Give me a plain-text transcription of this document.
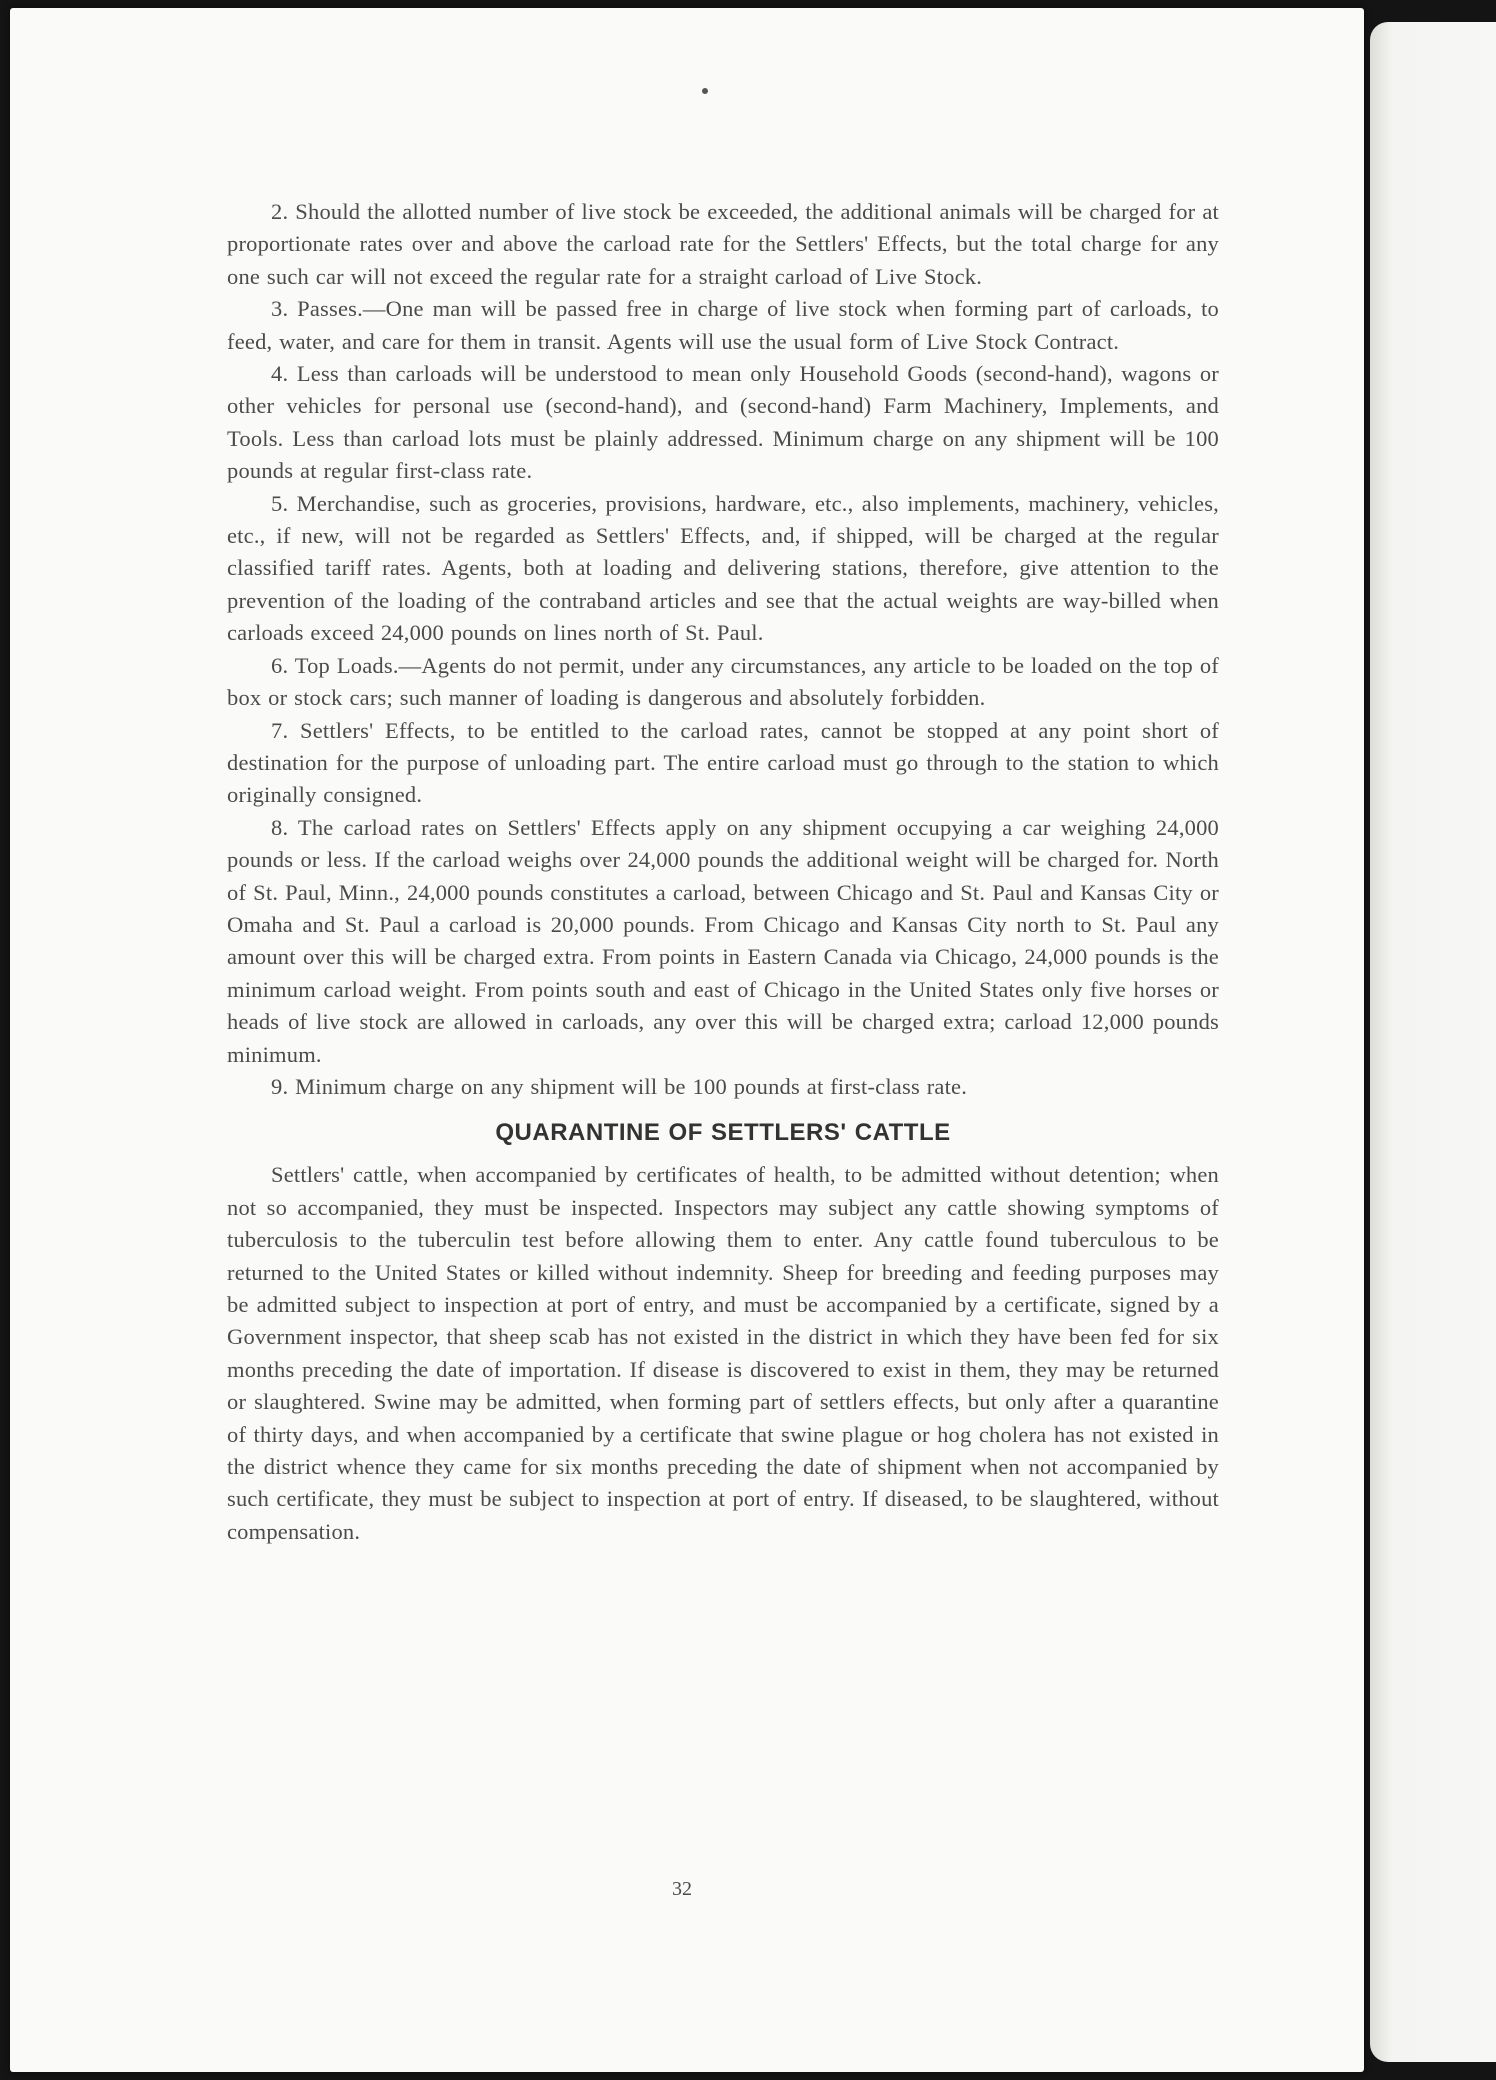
2. Should the allotted number of live stock be exceeded, the additional animals will be charged for at proportionate rates over and above the carload rate for the Settlers' Effects, but the total charge for any one such car will not exceed the regular rate for a straight carload of Live Stock.

3. Passes.—One man will be passed free in charge of live stock when forming part of carloads, to feed, water, and care for them in transit. Agents will use the usual form of Live Stock Contract.

4. Less than carloads will be understood to mean only Household Goods (second-hand), wagons or other vehicles for personal use (second-hand), and (second-hand) Farm Machinery, Implements, and Tools. Less than carload lots must be plainly addressed. Minimum charge on any shipment will be 100 pounds at regular first-class rate.

5. Merchandise, such as groceries, provisions, hardware, etc., also implements, machinery, vehicles, etc., if new, will not be regarded as Settlers' Effects, and, if shipped, will be charged at the regular classified tariff rates. Agents, both at loading and delivering stations, therefore, give attention to the prevention of the loading of the contraband articles and see that the actual weights are way-billed when carloads exceed 24,000 pounds on lines north of St. Paul.

6. Top Loads.—Agents do not permit, under any circumstances, any article to be loaded on the top of box or stock cars; such manner of loading is dangerous and absolutely forbidden.

7. Settlers' Effects, to be entitled to the carload rates, cannot be stopped at any point short of destination for the purpose of unloading part. The entire carload must go through to the station to which originally consigned.

8. The carload rates on Settlers' Effects apply on any shipment occupying a car weighing 24,000 pounds or less. If the carload weighs over 24,000 pounds the additional weight will be charged for. North of St. Paul, Minn., 24,000 pounds constitutes a carload, between Chicago and St. Paul and Kansas City or Omaha and St. Paul a carload is 20,000 pounds. From Chicago and Kansas City north to St. Paul any amount over this will be charged extra. From points in Eastern Canada via Chicago, 24,000 pounds is the minimum carload weight. From points south and east of Chicago in the United States only five horses or heads of live stock are allowed in carloads, any over this will be charged extra; carload 12,000 pounds minimum.

9. Minimum charge on any shipment will be 100 pounds at first-class rate.

QUARANTINE OF SETTLERS' CATTLE

Settlers' cattle, when accompanied by certificates of health, to be admitted without detention; when not so accompanied, they must be inspected. Inspectors may subject any cattle showing symptoms of tuberculosis to the tuberculin test before allowing them to enter. Any cattle found tuberculous to be returned to the United States or killed without indemnity. Sheep for breeding and feeding purposes may be admitted subject to inspection at port of entry, and must be accompanied by a certificate, signed by a Government inspector, that sheep scab has not existed in the district in which they have been fed for six months preceding the date of importation. If disease is discovered to exist in them, they may be returned or slaughtered. Swine may be admitted, when forming part of settlers effects, but only after a quarantine of thirty days, and when accompanied by a certificate that swine plague or hog cholera has not existed in the district whence they came for six months preceding the date of shipment when not accompanied by such certificate, they must be subject to inspection at port of entry. If diseased, to be slaughtered, without compensation.

32
